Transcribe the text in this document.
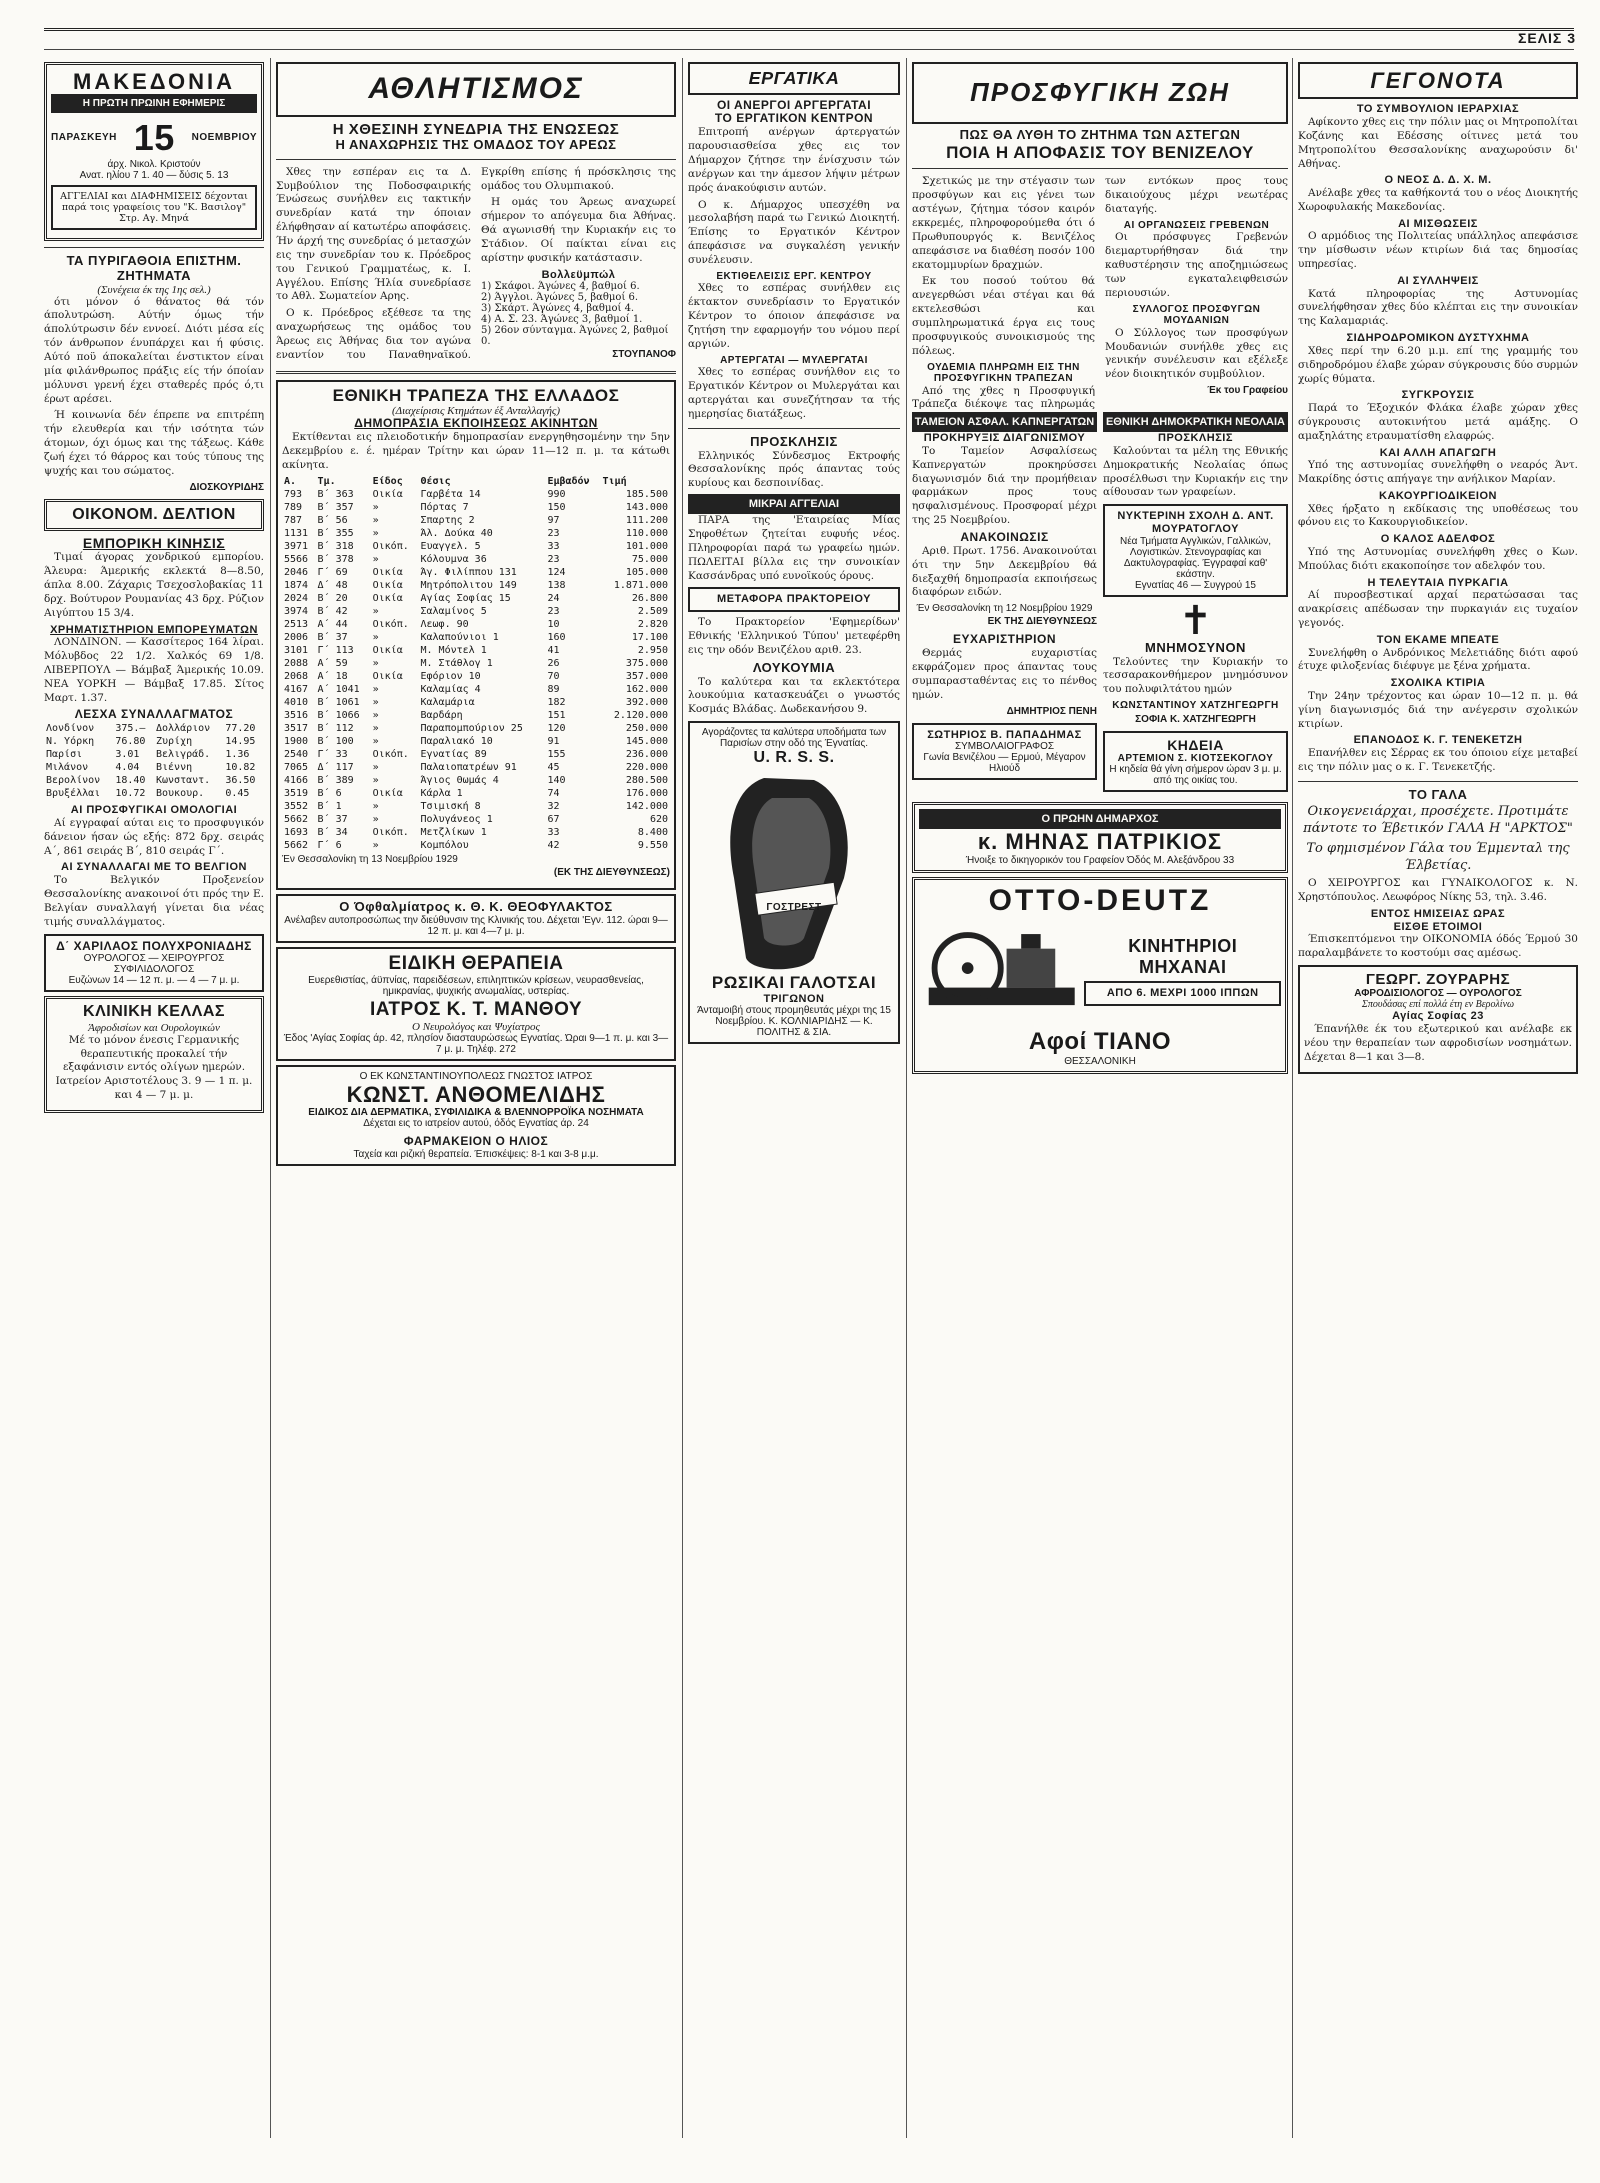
ΣΕΛΙΣ 3
ΜΑΚΕΔΟΝΙΑ
Η ΠΡΩΤΗ ΠΡΩΙΝΗ ΕΦΗΜΕΡΙΣ
ΠΑΡΑΣΚΕΥΗ 15 ΝΟΕΜΒΡΙΟΥ
άρχ. Νικολ. Κριστούν
Ανατ. ηλίου 7 1. 40 — δύσις 5. 13
ΑΓΓΕΛΙΑΙ και ΔΙΑΦΗΜΙΣΕΙΣ δέχονται παρά τοις γραφείοις του "Κ. Βασιλογ" Στρ. Αγ. Μηνά
ΤΑ ΠΥΡΙΓΑΘΟΙΑ ΕΠΙΣΤΗΜ. ΖΗΤΗΜΑΤΑ
(Συνέχεια έκ της 1ης σελ.)

ότι μόνον ό θάνατος θά τόν άπολυτρώση. Αύτήν όμως τήν άπολύτρωσιν δέν εννοεί. Διότι μέσα είς τόν άνθρωπον ένυπάρχει και ή φύσις. Αύτό ποϋ άποκαλείται ένστικτον είναι μία φιλάνθρωπος πράξις είς τήν όποίαν μόλυνσι γρενή έχει σταθερές πρός ό,τι έρωτ αρέσει.

Ή κοινωνία δέν έπρεπε να επιτρέπη τήν ελευθερία και τήν ισότητα τών άτομων, όχι όμως και της τάξεως. Κάθε ζωή έχει τό θάρρος και τούς τύπους της ψυχής και του σώματος.

ΔΙΟΣΚΟΥΡΙΔΗΣ
ΟΙΚΟΝΟΜ. ΔΕΛΤΙΟΝ
ΕΜΠΟΡΙΚΗ ΚΙΝΗΣΙΣ

Τιμαί άγορας χονδρικού εμπορίου. Άλευρα: Άμερικής εκλεκτά 8—8.50, άπλα 8.00. Ζάχαρις Τσεχοσλοβακίας 11 δρχ. Βούτυρον Ρουμανίας 43 δρχ. Ρύζιον Αιγύπτου 15 3/4.

ΧΡΗΜΑΤΙΣΤΗΡΙΟΝ ΕΜΠΟΡΕΥΜΑΤΩΝ

ΛΟΝΔΙΝΟΝ. — Κασσίτερος 164 λίραι. Μόλυβδος 22 1/2. Χαλκός 69 1/8. ΛΙΒΕΡΠΟΥΛ — Βάμβαξ Άμερικής 10.09. ΝΕΑ ΥΟΡΚΗ — Βάμβαξ 17.85. Σίτος Μαρτ. 1.37.

ΛΕΣΧΑ ΣΥΝΑΛΛΑΓΜΑΤΟΣ
Λονδίνον	375.—	Δολλάριον	77.20
Ν. Υόρκη	76.80	Ζυρίχη	14.95
Παρίσι	3.01	Βελιγράδ.	1.36
Μιλάνον	4.04	Βιέννη	10.82
Βερολίνον	18.40	Κωνσταντ.	36.50
Βρυξέλλαι	10.72	Βουκουρ.	0.45
ΑΙ ΠΡΟΣΦΥΓΙΚΑΙ ΟΜΟΛΟΓΙΑΙ

Αί εγγραφαί αύται εις το προσφυγικόν δάνειον ήσαν ώς εξής: 872 δρχ. σειράς Α΄, 861 σειράς Β΄, 810 σειράς Γ΄.

ΑΙ ΣΥΝΑΛΛΑΓΑΙ ΜΕ ΤΟ ΒΕΛΓΙΟΝ

Το Βελγικόν Προξενείον Θεσσαλονίκης ανακοινοί ότι πρός την Ε. Βελγίαν συναλλαγή γίνεται δια νέας τιμής συναλλάγματος.

Δ΄ ΧΑΡΙΛΑΟΣ ΠΟΛΥΧΡΟΝΙΑΔΗΣ
ΟΥΡΟΛΟΓΟΣ — ΧΕΙΡΟΥΡΓΟΣ ΣΥΦΙΛΙΔΟΛΟΓΟΣ
Ευζώνων 14 — 12 π. μ. — 4 — 7 μ. μ.
ΚΛΙΝΙΚΗ ΚΕΛΛΑΣ
Άφροδισίων και Ουρολογικών

Μέ το μόνον ένεσις Γερμανικής θεραπευτικής προκαλεί τήν εξαφάνισιν εντός ολίγων ημερών. Ιατρείον Αριστοτέλους 3. 9 — 1 π. μ. και 4 — 7 μ. μ.

ΑΘΛΗΤΙΣΜΟΣ
Η ΧΘΕΣΙΝΗ ΣΥΝΕΔΡΙΑ ΤΗΣ ΕΝΩΣΕΩΣ
Η ΑΝΑΧΩΡΗΣΙΣ ΤΗΣ ΟΜΑΔΟΣ ΤΟΥ ΑΡΕΩΣ

Χθες την εσπέραν εις τα Δ. Συμβούλιον της Ποδοσφαιρικής Ένώσεως συνήλθεν εις τακτικήν συνεδρίαν κατά την όποιαν έλήφθησαν αί κατωτέρω αποφάσεις. Ήν άρχή της συνεδρίας ό μετασχών εις την συνεδρίαν του κ. Πρόεδρος του Γενικού Γραμματέως, κ. Ι. Αγγέλου. Επίσης Ήλία συνεδρίασε το Αθλ. Σωματείον Αρης.

Ο κ. Πρόεδρος εξέθεσε τα της αναχωρήσεως της ομάδος του Άρεως εις Άθήνας δια τον αγώνα εναντίον του Παναθηναϊκού. Εγκρίθη επίσης ή πρόσκλησις της ομάδος του Ολυμπιακού.

Η ομάς του Άρεως αναχωρεί σήμερον το απόγευμα δια Άθήνας. Θά αγωνισθή την Κυριακήν εις το Στάδιον. Οί παίκται είναι εις αρίστην φυσικήν κατάστασιν.

Βολλεϋμπώλ
1) Σκάφοι. Άγώνες 4, βαθμοί 6.
2) Άγγλοι. Άγώνες 5, βαθμοί 6.
3) Σκάρτ. Άγώνες 4, βαθμοί 4.
4) Α. Σ. 23. Άγώνες 3, βαθμοί 1.
5) 26ον σύνταγμα. Άγώνες 2, βαθμοί 0.
ΣΤΟΥΠΑΝΟΦ
ΕΘΝΙΚΗ ΤΡΑΠΕΖΑ ΤΗΣ ΕΛΛΑΔΟΣ
(Διαχείρισις Κτημάτων έξ Ανταλλαγής)
ΔΗΜΟΠΡΑΣΙΑ ΕΚΠΟΙΗΣΕΩΣ ΑΚΙΝΗΤΩΝ

Εκτίθενται εις πλειοδοτικήν δημοπρασίαν ενεργηθησομένην την 5ην Δεκεμβρίου ε. έ. ημέραν Τρίτην και ώραν 11—12 π. μ. τα κάτωθι ακίνητα.

Α.	Τμ.	Είδος	Θέσις	Εμβαδόν	Τιμή
793	Β΄ 363	Οικία	Γαρβέτα 14	990	185.500
789	Β΄ 357	»	Πόρτας 7	150	143.000
787	Β΄ 56	»	Σπαρτης 2	97	111.200
1131	Β΄ 355	»	Άλ. Δούκα 40	23	110.000
3971	Β΄ 318	Οικόπ.	Ευαγγελ. 5	33	101.000
5566	Β΄ 378	»	Κόλουμνα 36	23	75.000
2046	Γ΄ 69	Οικία	Άγ. Φιλίππου 131	124	105.000
1874	Δ΄ 48	Οικία	Μητρόπολιτου 149	138	1.871.000
2024	Β΄ 20	Οικία	Αγίας Σοφίας 15	24	26.800
3974	Β΄ 42	»	Σαλαμίνος 5	23	2.509
2513	Α΄ 44	Οικόπ.	Λεωφ. 90	10	2.820
2006	Β΄ 37	»	Καλαπούνιοι 1	160	17.100
3101	Γ΄ 113	Οικία	Μ. Μόντελ 1	41	2.950
2088	Α΄ 59	»	Μ. Στάθλογ 1	26	375.000
2068	Α΄ 18	Οικία	Εφόριον 10	70	357.000
4167	Α΄ 1041	»	Καλαμίας 4	89	162.000
4010	Β΄ 1061	»	Καλαμάρια	182	392.000
3516	Β΄ 1066	»	Βαρδάρη	151	2.120.000
3517	Β΄ 112	»	Παραπομπούριον 25	120	250.000
1900	Β΄ 100	»	Παραλιακό 10	91	145.000
2540	Γ΄ 33	Οικόπ.	Εγνατίας 89	155	236.000
7065	Δ΄ 117	»	Παλαιοπατρέων 91	45	220.000
4166	Β΄ 389	»	Άγιος Θωμάς 4	140	280.500
3519	Β΄ 6	Οικία	Κάρλα 1	74	176.000
3552	Β΄ 1	»	Τσιμισκή 8	32	142.000
5662	Β΄ 37	»	Πολυγάνεος 1	67	620
1693	Β΄ 34	Οικόπ.	Μετζλίκων 1	33	8.400
5662	Γ΄ 6	»	Κομπόλου	42	9.550
Έν Θεσσαλονίκη τη 13 Νοεμβρίου 1929
(ΕΚ ΤΗΣ ΔΙΕΥΘΥΝΣΕΩΣ)
Ο Όφθαλμίατρος κ. Θ. Κ. ΘΕΟΦΥΛΑΚΤΟΣ
Ανέλαβεν αυτοπροσώπως την διεύθυνσιν της Κλινικής του. Δέχεται 'Εγν. 112. ώραι 9—12 π. μ. και 4—7 μ. μ.
ΕΙΔΙΚΗ ΘΕΡΑΠΕΙΑ
Ευερεθιστίας, άϋπνίας, παρειδέσεων, επιληπτικών κρίσεων, νευρασθενείας, ημικρανίας, ψυχικής ανωμαλίας, υστερίας.
ΙΑΤΡΟΣ Κ. Τ. ΜΑΝΘΟΥ
Ο Νευρολόγος και Ψυχίατρος
Έδος 'Αγίας Σοφίας άρ. 42, πλησίον διασταυρώσεως Εγνατίας. Ώραι 9—1 π. μ. και 3—7 μ. μ. Τηλέφ. 272
Ο ΕΚ ΚΩΝΣΤΑΝΤΙΝΟΥΠΟΛΕΩΣ ΓΝΩΣΤΟΣ ΙΑΤΡΟΣ
ΚΩΝΣΤ. ΑΝΘΟΜΕΛΙΔΗΣ
ΕΙΔΙΚΟΣ ΔΙΑ ΔΕΡΜΑΤΙΚΑ, ΣΥΦΙΛΙΔΙΚΑ & ΒΛΕΝΝΟΡΡΟΪΚΑ ΝΟΣΗΜΑΤΑ
Δέχεται εις το ιατρείον αυτού, όδός Εγνατίας άρ. 24
ΦΑΡΜΑΚΕΙΟΝ Ο ΗΛΙΟΣ
Ταχεία και ριζική θεραπεία. Έπισκέψεις: 8-1 και 3-8 μ.μ.
ΕΡΓΑΤΙΚΑ
ΟΙ ΑΝΕΡΓΟΙ ΑΡΓΕΡΓΑΤΑΙ
ΤΟ ΕΡΓΑΤΙΚΟΝ ΚΕΝΤΡΟΝ

Επιτροπή ανέργων άρτεργατών παρουσιασθείσα χθες εις τον Δήμαρχον ζήτησε την ένίσχυσιν τών ανέργων και την άμεσον λήψιν μέτρων πρός άνακούφισιν αυτών.

Ο κ. Δήμαρχος υπεσχέθη να μεσολαβήση παρά τω Γενικώ Διοικητή. Έπίσης το Εργατικόν Κέντρον άπεφάσισε να συγκαλέση γενικήν συνέλευσιν.

ΕΚΤΙΘΕΛΕΙΣΙΣ ΕΡΓ. ΚΕΝΤΡΟΥ

Χθες το εσπέρας συνήλθεν εις έκτακτον συνεδρίασιν το Εργατικόν Κέντρον το όποιον άπεφάσισε να ζητήση την εφαρμογήν του νόμου περί αργιών.

ΑΡΤΕΡΓΑΤΑΙ — ΜΥΛΕΡΓΑΤΑΙ

Χθες το εσπέρας συνήλθον εις το Εργατικόν Κέντρον οι Μυλεργάται και αρτεργάται και συνεζήτησαν τα τής ημερησίας διατάξεως.

ΠΡΟΣΚΛΗΣΙΣ

Ελληνικός Σύνδεσμος Εκτροφής Θεσσαλονίκης πρός άπαντας τούς κυρίους και δεσποινίδας.

ΜΙΚΡΑΙ ΑΓΓΕΛΙΑΙ

ΠΑΡΑ της 'Εταιρείας Μίας Σηφοθέτων ζητείται ευφυής νέος. Πληροφορίαι παρά τω γραφείω ημών. ΠΩΛΕΙΤΑΙ βίλλα εις την συνοικίαν Κασσάνδρας υπό ευνοϊκούς όρους.

ΜΕΤΑΦΟΡΑ ΠΡΑΚΤΟΡΕΙΟΥ

Το Πρακτορείον 'Εφημερίδων' Εθνικής 'Ελληνικού Τύπου' μετεφέρθη εις την οδόν Βενιζέλου αριθ. 23.

ΛΟΥΚΟΥΜΙΑ

Το καλύτερα και τα εκλεκτότερα λουκούμια κατασκευάζει ο γνωστός Κοσμάς Βλάδας. Δωδεκανήσου 9.

Αγοράζοντες τα καλύτερα υποδήματα των Παρισίων στην οδό της Έγνατίας.
U. R. S. S.
ΓΟΣΤΡΕΣΤ
ΡΩΣΙΚΑΙ ΓΑΛΟΤΣΑΙ
ΤΡΙΓΩΝΟΝ
Άνταμοιβή στους προμηθευτάς μέχρι της 15 Νοεμβρίου. Κ. ΚΟΛΝΙΑΡΙΔΗΣ — Κ. ΠΟΛΙΤΗΣ & ΣΙΑ.
ΠΡΟΣΦΥΓΙΚΗ ΖΩΗ
ΠΩΣ ΘΑ ΛΥΘΗ ΤΟ ΖΗΤΗΜΑ ΤΩΝ ΑΣΤΕΓΩΝ
ΠΟΙΑ Η ΑΠΟΦΑΣΙΣ ΤΟΥ ΒΕΝΙΖΕΛΟΥ

Σχετικώς με την στέγασιν των προσφύγων και εις γένει των αστέγων, ζήτημα τόσον καιρόν εκκρεμές, πληροφορούμεθα ότι ό Πρωθυπουργός κ. Βενιζέλος απεφάσισε να διαθέση ποσόν 100 εκατομμυρίων δραχμών.

Εκ του ποσού τούτου θά ανεγερθώσι νέαι στέγαι και θά εκτελεσθώσι και συμπληρωματικά έργα εις τους προσφυγικούς συνοικισμούς της πόλεως.

ΟΥΔΕΜΙΑ ΠΛΗΡΩΜΗ ΕΙΣ ΤΗΝ ΠΡΟΣΦΥΓΙΚΗΝ ΤΡΑΠΕΖΑΝ

Από της χθες η Προσφυγική Τράπεζα διέκοψε τας πληρωμάς των εντόκων προς τους δικαιούχους μέχρι νεωτέρας διαταγής.

ΑΙ ΟΡΓΑΝΩΣΕΙΣ ΓΡΕΒΕΝΩΝ

Οι πρόσφυγες Γρεβενών διεμαρτυρήθησαν διά την καθυστέρησιν της αποζημιώσεως των εγκαταλειφθεισών περιουσιών.

ΣΥΛΛΟΓΟΣ ΠΡΟΣΦΥΓΩΝ ΜΟΥΔΑΝΙΩΝ

Ο Σύλλογος των προσφύγων Μουδανιών συνήλθε χθες εις γενικήν συνέλευσιν και εξέλεξε νέον διοικητικόν συμβούλιον.

Έκ του Γραφείου
ΤΑΜΕΙΟΝ ΑΣΦΑΛ. ΚΑΠΝΕΡΓΑΤΩΝ
ΠΡΟΚΗΡΥΞΙΣ ΔΙΑΓΩΝΙΣΜΟΥ

Το Ταμείον Ασφαλίσεως Καπνεργατών προκηρύσσει διαγωνισμόν διά την προμήθειαν φαρμάκων προς τους ησφαλισμένους. Προσφοραί μέχρι της 25 Νοεμβρίου.

ΑΝΑΚΟΙΝΩΣΙΣ

Αριθ. Πρωτ. 1756. Ανακοινούται ότι την 5ην Δεκεμβρίου θά διεξαχθή δημοπρασία εκποιήσεως διαφόρων ειδών.

Έν Θεσσαλονίκη τη 12 Νοεμβρίου 1929
ΕΚ ΤΗΣ ΔΙΕΥΘΥΝΣΕΩΣ
ΕΥΧΑΡΙΣΤΗΡΙΟΝ

Θερμάς ευχαριστίας εκφράζομεν προς άπαντας τους συμπαρασταθέντας εις το πένθος ημών.

ΔΗΜΗΤΡΙΟΣ ΠΕΝΗ
ΣΩΤΗΡΙΟΣ Β. ΠΑΠΑΔΗΜΑΣ
ΣΥΜΒΟΛΑΙΟΓΡΑΦΟΣ
Γωνία Βενιζέλου — Ερμού, Μέγαρον Ηλιούδ
ΕΘΝΙΚΗ ΔΗΜΟΚΡΑΤΙΚΗ ΝΕΟΛΑΙΑ
ΠΡΟΣΚΛΗΣΙΣ

Καλούνται τα μέλη της Εθνικής Δημοκρατικής Νεολαίας όπως προσέλθωσι την Κυριακήν εις την αίθουσαν των γραφείων.

ΝΥΚΤΕΡΙΝΗ ΣΧΟΛΗ Δ. ΑΝΤ. ΜΟΥΡΑΤΟΓΛΟΥ
Νέα Τμήματα Αγγλικών, Γαλλικών, Λογιστικών. Στενογραφίας και Δακτυλογραφίας. Έγγραφαί καθ' εκάστην.
Εγνατίας 46 — Συγγρού 15
✝
ΜΝΗΜΟΣΥΝΟΝ

Τελούντες την Κυριακήν το τεσσαρακονθήμερον μνημόσυνον του πολυφιλτάτου ημών

ΚΩΝΣΤΑΝΤΙΝΟΥ ΧΑΤΖΗΓΕΩΡΓΗ
ΣΟΦΙΑ Κ. ΧΑΤΖΗΓΕΩΡΓΗ
ΚΗΔΕΙΑ
ΑΡΤΕΜΙΟΝ Σ. ΚΙΟΤΣΕΚΟΓΛΟΥ
Η κηδεία θά γίνη σήμερον ώραν 3 μ. μ. από της οικίας του.
Ο ΠΡΩΗΝ ΔΗΜΑΡΧΟΣ
κ. ΜΗΝΑΣ ΠΑΤΡΙΚΙΟΣ
Ήνοιξε το δικηγορικόν του Γραφείον Όδός Μ. Αλεξάνδρου 33
OTTO-DEUTZ
ΚΙΝΗΤΗΡΙΟΙ ΜΗΧΑΝΑΙ
ΑΠΟ 6. ΜΕΧΡΙ 1000 ΙΠΠΩΝ
Αφοί ΤΙΑΝΟ
ΘΕΣΣΑΛΟΝΙΚΗ
ΓΕΓΟΝΟΤΑ
ΤΟ ΣΥΜΒΟΥΛΙΟΝ ΙΕΡΑΡΧΙΑΣ

Αφίκοντο χθες εις την πόλιν μας οι Μητροπολίται Κοζάνης και Εδέσσης οίτινες μετά του Μητροπολίτου Θεσσαλονίκης αναχωρούσιν δι' Αθήνας.

Ο ΝΕΟΣ Δ. Δ. Χ. Μ.

Ανέλαβε χθες τα καθήκοντά του ο νέος Διοικητής Χωροφυλακής Μακεδονίας.

ΑΙ ΜΙΣΘΩΣΕΙΣ

Ο αρμόδιος της Πολιτείας υπάλληλος απεφάσισε την μίσθωσιν νέων κτιρίων διά τας δημοσίας υπηρεσίας.

ΑΙ ΣΥΛΛΗΨΕΙΣ

Κατά πληροφορίας της Αστυνομίας συνελήφθησαν χθες δύο κλέπται εις την συνοικίαν της Καλαμαριάς.

ΣΙΔΗΡΟΔΡΟΜΙΚΟΝ ΔΥΣΤΥΧΗΜΑ

Χθες περί την 6.20 μ.μ. επί της γραμμής του σιδηροδρόμου έλαβε χώραν σύγκρουσις δύο συρμών χωρίς θύματα.

ΣΥΓΚΡΟΥΣΙΣ

Παρά το Έξοχικόν Φλάκα έλαβε χώραν χθες σύγκρουσις αυτοκινήτου μετά αμάξης. Ο αμαξηλάτης ετραυματίσθη ελαφρώς.

ΚΑΙ ΑΛΛΗ ΑΠΑΓΩΓΗ

Υπό της αστυνομίας συνελήφθη ο νεαρός Άντ. Μακρίδης όστις απήγαγε την ανήλικον Μαρίαν.

ΚΑΚΟΥΡΓΙΟΔΙΚΕΙΟΝ

Χθες ήρξατο η εκδίκασις της υποθέσεως του φόνου εις το Κακουργιοδικείον.

Ο ΚΑΛΟΣ ΑΔΕΛΦΟΣ

Υπό της Αστυνομίας συνελήφθη χθες ο Κων. Μπούλας διότι εκακοποίησε τον αδελφόν του.

Η ΤΕΛΕΥΤΑΙΑ ΠΥΡΚΑΓΙΑ

Αί πυροσβεστικαί αρχαί περατώσασαι τας ανακρίσεις απέδωσαν την πυρκαγιάν εις τυχαίον γεγονός.

ΤΟΝ ΕΚΑΜΕ ΜΠΕΑΤΕ

Συνελήφθη ο Ανδρόνικος Μελετιάδης διότι αφού έτυχε φιλοξενίας διέφυγε με ξένα χρήματα.

ΣΧΟΛΙΚΑ ΚΤΙΡΙΑ

Την 24ην τρέχοντος και ώραν 10—12 π. μ. θά γίνη διαγωνισμός διά την ανέγερσιν σχολικών κτιρίων.

ΕΠΑΝΟΔΟΣ Κ. Γ. ΤΕΝΕΚΕΤΖΗ

Επανήλθεν εις Σέρρας εκ του όποιου είχε μεταβεί εις την πόλιν μας ο κ. Γ. Τενεκετζής.

ΤΟ ΓΑΛΑ

Οικογενειάρχαι, προσέχετε. Προτιμάτε πάντοτε το Έβετικόν ΓΑΛΑ Η "ΑΡΚΤΟΣ"

Το φημισμένον Γάλα του Έμμενταλ της Έλβετίας.

Ο ΧΕΙΡΟΥΡΓΟΣ και ΓΥΝΑΙΚΟΛΟΓΟΣ κ. Ν. Χρηστόπουλος. Λεωφόρος Νίκης 53, τηλ. 3.46.

ΕΝΤΟΣ ΗΜΙΣΕΙΑΣ ΩΡΑΣ
ΕΙΣΘΕ ΕΤΟΙΜΟΙ

Έπισκεπτόμενοι την ΟΙΚΟΝΟΜΙΑ όδός Έρμού 30 παραλαμβάνετε το κοστούμι σας αμέσως.

ΓΕΩΡΓ. ΖΟΥΡΑΡΗΣ
ΑΦΡΟΔΙΣΙΟΛΟΓΟΣ — ΟΥΡΟΛΟΓΟΣ
Σπουδάσας επί πολλά έτη εν Βερολίνω
Αγίας Σοφίας 23

Έπανήλθε έκ του εξωτερικού και ανέλαβε εκ νέου την θεραπείαν των αφροδισίων νοσημάτων. Δέχεται 8—1 και 3—8.
